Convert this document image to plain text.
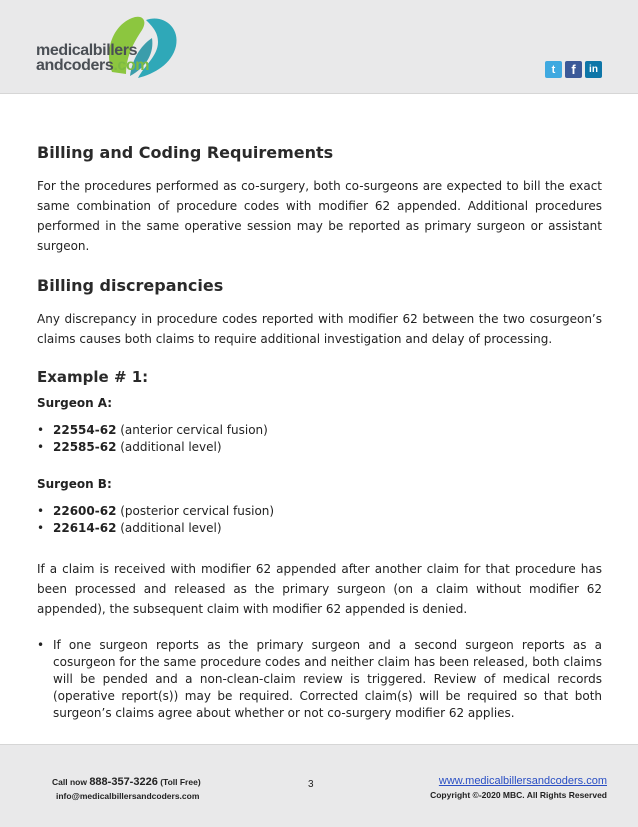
medicalbillers
andcoders.com	t	f	in
Billing and Coding Requirements
For the procedures performed as co-surgery, both co-surgeons are expected to bill the exact same combination of procedure codes with modifier 62 appended. Additional procedures performed in the same operative session may be reported as primary surgeon or assistant surgeon.
Billing discrepancies
Any discrepancy in procedure codes reported with modifier 62 between the two cosurgeon’s claims causes both claims to require additional investigation and delay of processing.
Example # 1:
Surgeon A:
• 22554-62 (anterior cervical fusion)
• 22585-62 (additional level)
Surgeon B:
• 22600-62 (posterior cervical fusion)
• 22614-62 (additional level)
If a claim is received with modifier 62 appended after another claim for that procedure has been processed and released as the primary surgeon (on a claim without modifier 62 appended), the subsequent claim with modifier 62 appended is denied.
• If one surgeon reports as the primary surgeon and a second surgeon reports as a cosurgeon for the same procedure codes and neither claim has been released, both claims will be pended and a non-clean-claim review is triggered. Review of medical records (operative report(s)) may be required. Corrected claim(s) will be required so that both surgeon’s claims agree about whether or not co-surgery modifier 62 applies.
Call now 888-357-3226 (Toll Free)
info@medicalbillersandcoders.com
3	www.medicalbillersandcoders.com
Copyright ©-2020 MBC. All Rights Reserved
